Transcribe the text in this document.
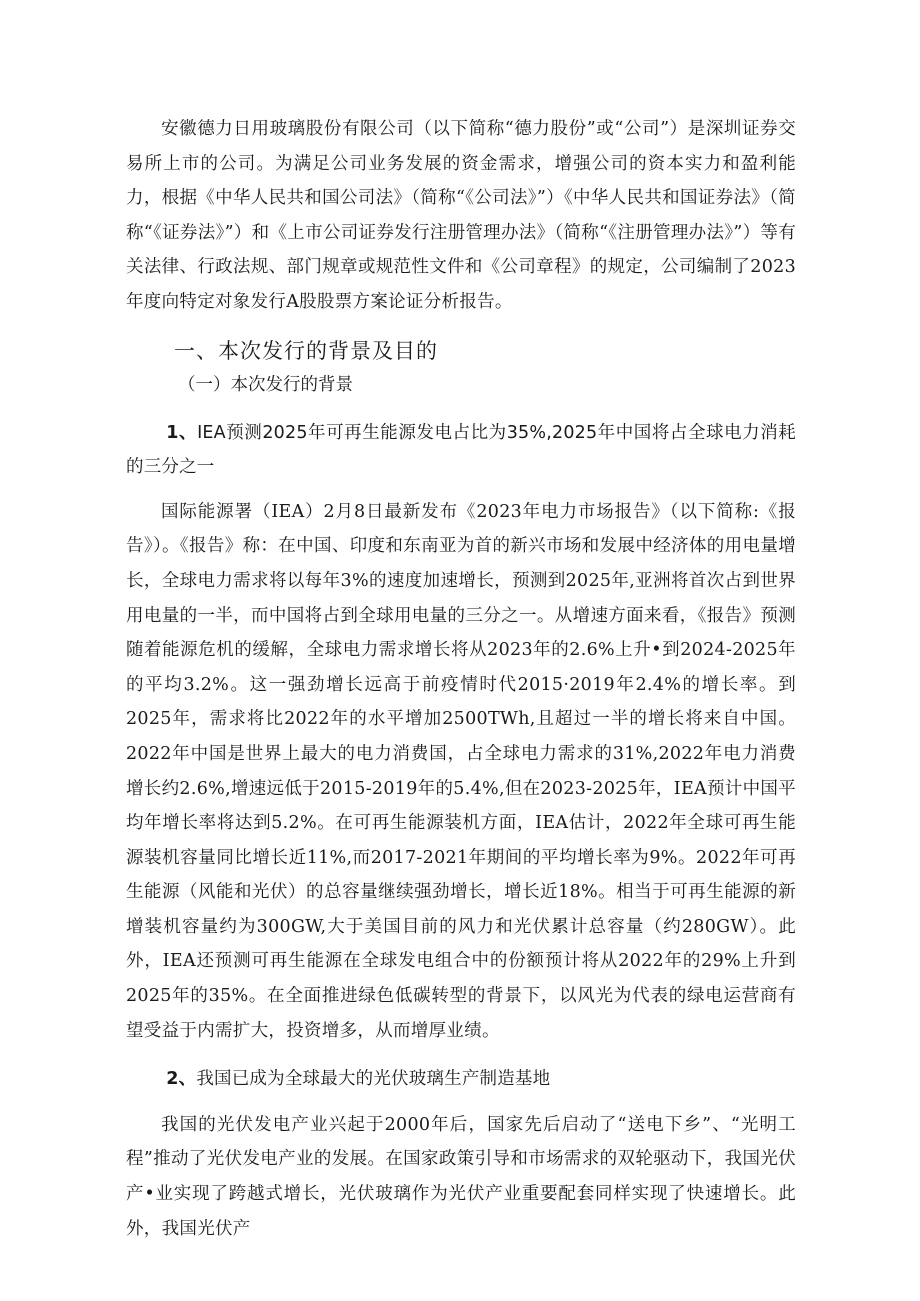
安徽德力日用玻璃股份有限公司（以下简称“德力股份”或“公司”）是深圳证券交易所上市的公司。为满足公司业务发展的资金需求，增强公司的资本实力和盈利能力，根据《中华人民共和国公司法》（简称“《公司法》”）《中华人民共和国证券法》（简称“《证券法》”）和《上市公司证券发行注册管理办法》（简称“《注册管理办法》”）等有关法律、行政法规、部门规章或规范性文件和《公司章程》的规定，公司编制了2023年度向特定对象发行A股股票方案论证分析报告。

一、本次发行的背景及目的

（一）本次发行的背景

1、IEA预测2025年可再生能源发电占比为35%,2025年中国将占全球电力消耗的三分之一

国际能源署（IEA）2月8日最新发布《2023年电力市场报告》（以下简称:《报告》）。《报告》称：在中国、印度和东南亚为首的新兴市场和发展中经济体的用电量增长，全球电力需求将以每年3%的速度加速增长，预测到2025年,亚洲将首次占到世界用电量的一半，而中国将占到全球用电量的三分之一。从增速方面来看，《报告》预测随着能源危机的缓解，全球电力需求增长将从2023年的2.6%上升•到2024-2025年的平均3.2%。这一强劲增长远高于前疫情时代2015·2019年2.4%的增长率。到2025年，需求将比2022年的水平增加2500TWh,且超过一半的增长将来自中国。2022年中国是世界上最大的电力消费国，占全球电力需求的31%,2022年电力消费增长约2.6%,增速远低于2015-2019年的5.4%,但在2023-2025年，IEA预计中国平均年增长率将达到5.2%。在可再生能源装机方面，IEA估计，2022年全球可再生能源装机容量同比增长近11%,而2017-2021年期间的平均增长率为9%。2022年可再生能源（风能和光伏）的总容量继续强劲增长，增长近18%。相当于可再生能源的新增装机容量约为300GW,大于美国目前的风力和光伏累计总容量（约280GW）。此外，IEA还预测可再生能源在全球发电组合中的份额预计将从2022年的29%上升到2025年的35%。在全面推进绿色低碳转型的背景下，以风光为代表的绿电运营商有望受益于内需扩大，投资增多，从而增厚业绩。

2、我国已成为全球最大的光伏玻璃生产制造基地

我国的光伏发电产业兴起于2000年后，国家先后启动了“送电下乡”、“光明工程”推动了光伏发电产业的发展。在国家政策引导和市场需求的双轮驱动下，我国光伏产•业实现了跨越式增长，光伏玻璃作为光伏产业重要配套同样实现了快速增长。此外，我国光伏产
